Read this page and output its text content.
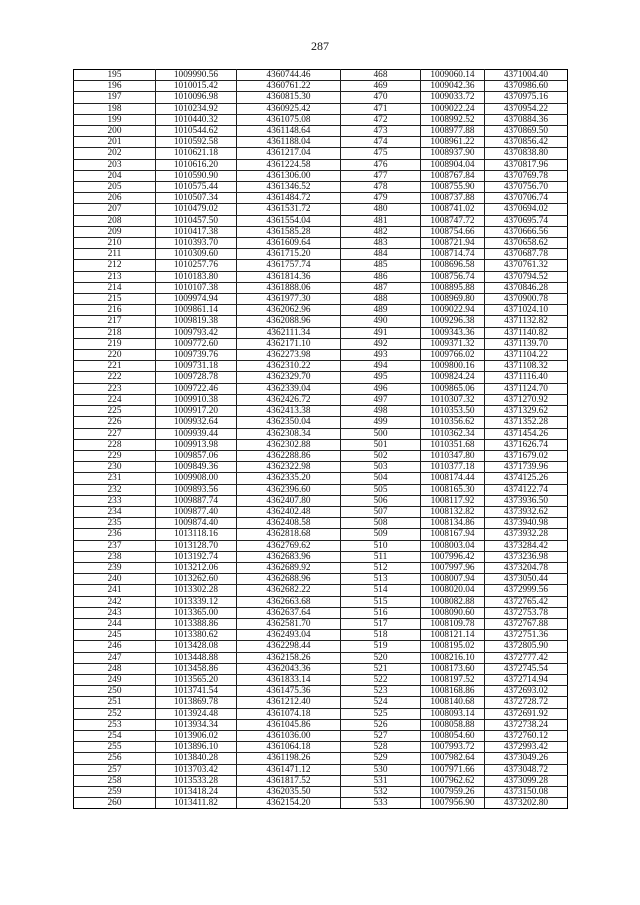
287
195	1009990.56	4360744.46	468	1009060.14	4371004.40
196	1010015.42	4360761.22	469	1009042.36	4370986.60
197	1010096.98	4360815.30	470	1009033.72	4370975.16
198	1010234.92	4360925.42	471	1009022.24	4370954.22
199	1010440.32	4361075.08	472	1008992.52	4370884.36
200	1010544.62	4361148.64	473	1008977.88	4370869.50
201	1010592.58	4361188.04	474	1008961.22	4370856.42
202	1010621.18	4361217.04	475	1008937.90	4370838.80
203	1010616.20	4361224.58	476	1008904.04	4370817.96
204	1010590.90	4361306.00	477	1008767.84	4370769.78
205	1010575.44	4361346.52	478	1008755.90	4370756.70
206	1010507.34	4361484.72	479	1008737.88	4370706.74
207	1010479.02	4361531.72	480	1008741.02	4370694.02
208	1010457.50	4361554.04	481	1008747.72	4370695.74
209	1010417.38	4361585.28	482	1008754.66	4370666.56
210	1010393.70	4361609.64	483	1008721.94	4370658.62
211	1010309.60	4361715.20	484	1008714.74	4370687.78
212	1010257.76	4361757.74	485	1008696.58	4370761.32
213	1010183.80	4361814.36	486	1008756.74	4370794.52
214	1010107.38	4361888.06	487	1008895.88	4370846.28
215	1009974.94	4361977.30	488	1008969.80	4370900.78
216	1009861.14	4362062.96	489	1009022.94	4371024.10
217	1009819.38	4362088.96	490	1009296.38	4371132.82
218	1009793.42	4362111.34	491	1009343.36	4371140.82
219	1009772.60	4362171.10	492	1009371.32	4371139.70
220	1009739.76	4362273.98	493	1009766.02	4371104.22
221	1009731.18	4362310.22	494	1009800.16	4371108.32
222	1009728.78	4362329.70	495	1009824.24	4371116.40
223	1009722.46	4362339.04	496	1009865.06	4371124.70
224	1009910.38	4362426.72	497	1010307.32	4371270.92
225	1009917.20	4362413.38	498	1010353.50	4371329.62
226	1009932.64	4362350.04	499	1010356.62	4371352.28
227	1009939.44	4362308.34	500	1010362.34	4371454.26
228	1009913.98	4362302.88	501	1010351.68	4371626.74
229	1009857.06	4362288.86	502	1010347.80	4371679.02
230	1009849.36	4362322.98	503	1010377.18	4371739.96
231	1009908.00	4362335.20	504	1008174.44	4374125.26
232	1009893.56	4362396.60	505	1008165.30	4374122.74
233	1009887.74	4362407.80	506	1008117.92	4373936.50
234	1009877.40	4362402.48	507	1008132.82	4373932.62
235	1009874.40	4362408.58	508	1008134.86	4373940.98
236	1013118.16	4362818.68	509	1008167.94	4373932.28
237	1013128.70	4362769.62	510	1008003.04	4373284.42
238	1013192.74	4362683.96	511	1007996.42	4373236.98
239	1013212.06	4362689.92	512	1007997.96	4373204.78
240	1013262.60	4362688.96	513	1008007.94	4373050.44
241	1013302.28	4362682.22	514	1008020.04	4372999.56
242	1013339.12	4362663.68	515	1008082.88	4372765.42
243	1013365.00	4362637.64	516	1008090.60	4372753.78
244	1013388.86	4362581.70	517	1008109.78	4372767.88
245	1013380.62	4362493.04	518	1008121.14	4372751.36
246	1013428.08	4362298.44	519	1008195.02	4372805.90
247	1013448.88	4362158.26	520	1008216.10	4372777.42
248	1013458.86	4362043.36	521	1008173.60	4372745.54
249	1013565.20	4361833.14	522	1008197.52	4372714.94
250	1013741.54	4361475.36	523	1008168.86	4372693.02
251	1013869.78	4361212.40	524	1008140.68	4372728.72
252	1013924.48	4361074.18	525	1008093.14	4372691.92
253	1013934.34	4361045.86	526	1008058.88	4372738.24
254	1013906.02	4361036.00	527	1008054.60	4372760.12
255	1013896.10	4361064.18	528	1007993.72	4372993.42
256	1013840.28	4361198.26	529	1007982.64	4373049.26
257	1013703.42	4361471.12	530	1007971.66	4373048.72
258	1013533.28	4361817.52	531	1007962.62	4373099.28
259	1013418.24	4362035.50	532	1007959.26	4373150.08
260	1013411.82	4362154.20	533	1007956.90	4373202.80
